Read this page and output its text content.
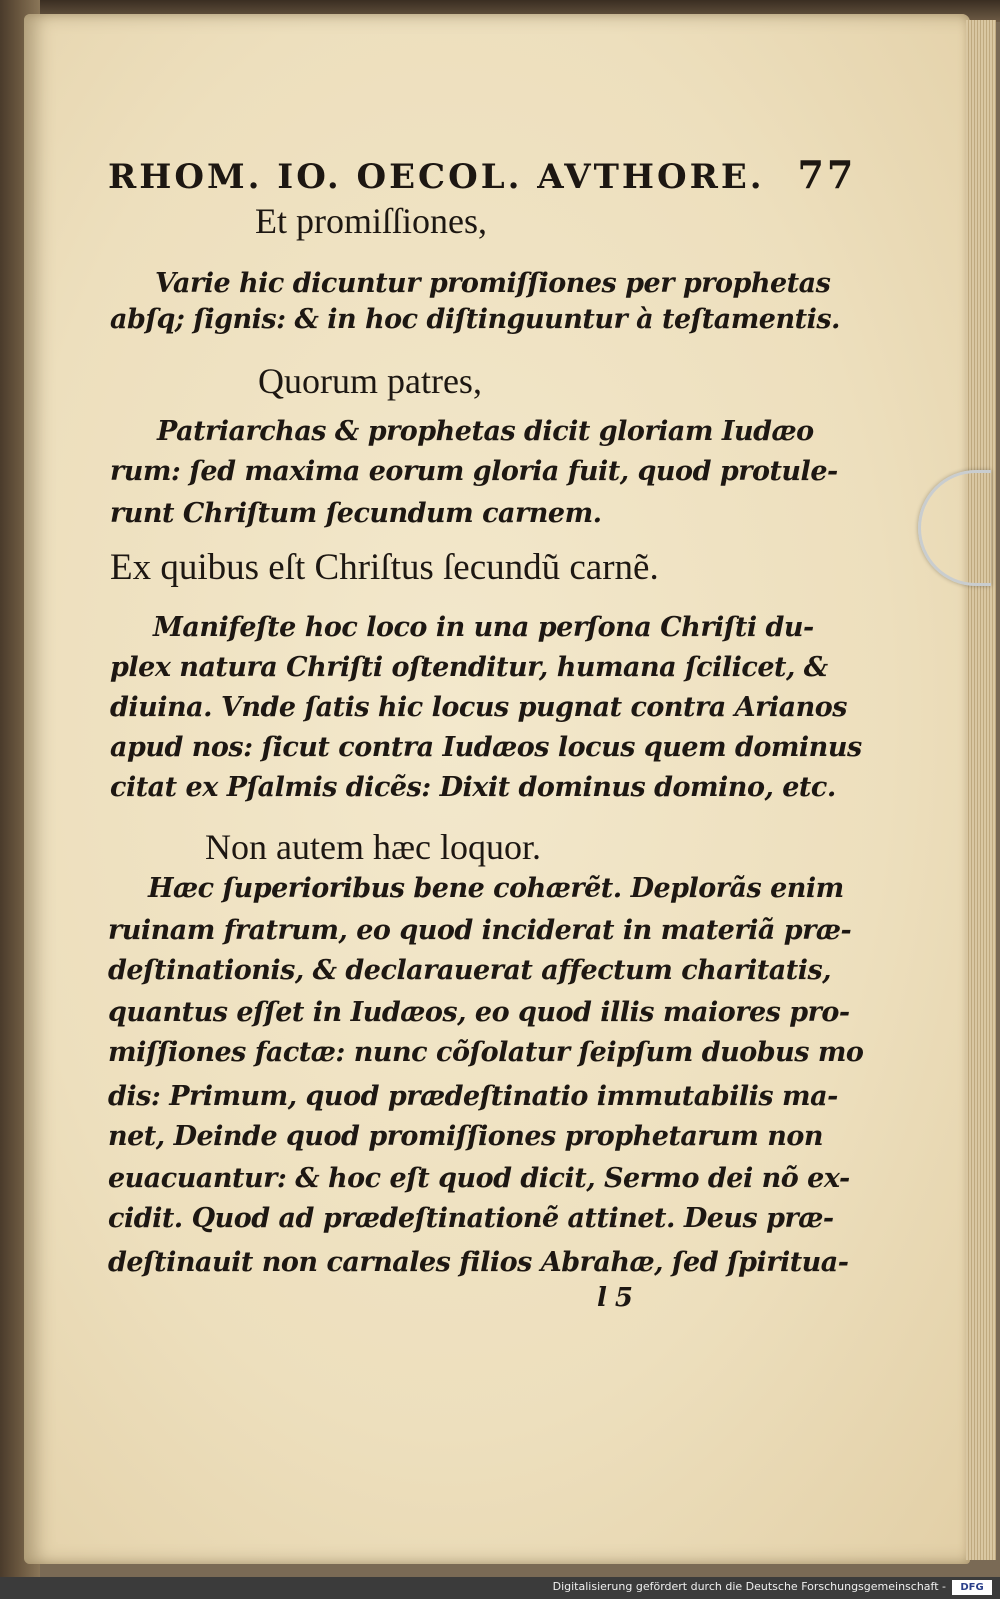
RHOM. IO. OECOL. AVTHORE. 77
Et promiſſiones,
Varie hic dicuntur promiſſiones per prophetas
abſq; ſignis: & in hoc diſtinguuntur à teſtamentis.
Quorum patres,
Patriarchas & prophetas dicit gloriam Iudæo
rum: ſed maxima eorum gloria fuit, quod protule-
runt Chriſtum ſecundum carnem.
Ex quibus eſt Chriſtus ſecundũ carnẽ.
Manifeſte hoc loco in una perſona Chriſti du-
plex natura Chriſti oſtenditur, humana ſcilicet, &
diuina. Vnde ſatis hic locus pugnat contra Arianos
apud nos: ſicut contra Iudæos locus quem dominus
citat ex Pſalmis dicẽs: Dixit dominus domino, etc.
Non autem hæc loquor.
Hæc ſuperioribus bene cohærẽt. Deplorãs enim
ruinam fratrum, eo quod inciderat in materiã præ-
deſtinationis, & declarauerat affectum charitatis,
quantus eſſet in Iudæos, eo quod illis maiores pro-
miſſiones factæ: nunc cõſolatur ſeipſum duobus mo
dis: Primum, quod prædeſtinatio immutabilis ma-
net, Deinde quod promiſſiones prophetarum non
euacuantur: & hoc eſt quod dicit, Sermo dei nõ ex-
cidit. Quod ad prædeſtinationẽ attinet. Deus præ-
deſtinauit non carnales filios Abrahæ, ſed ſpiritua-
l 5
Digitalisierung gefördert durch die Deutsche Forschungsgemeinschaft -	DFG
